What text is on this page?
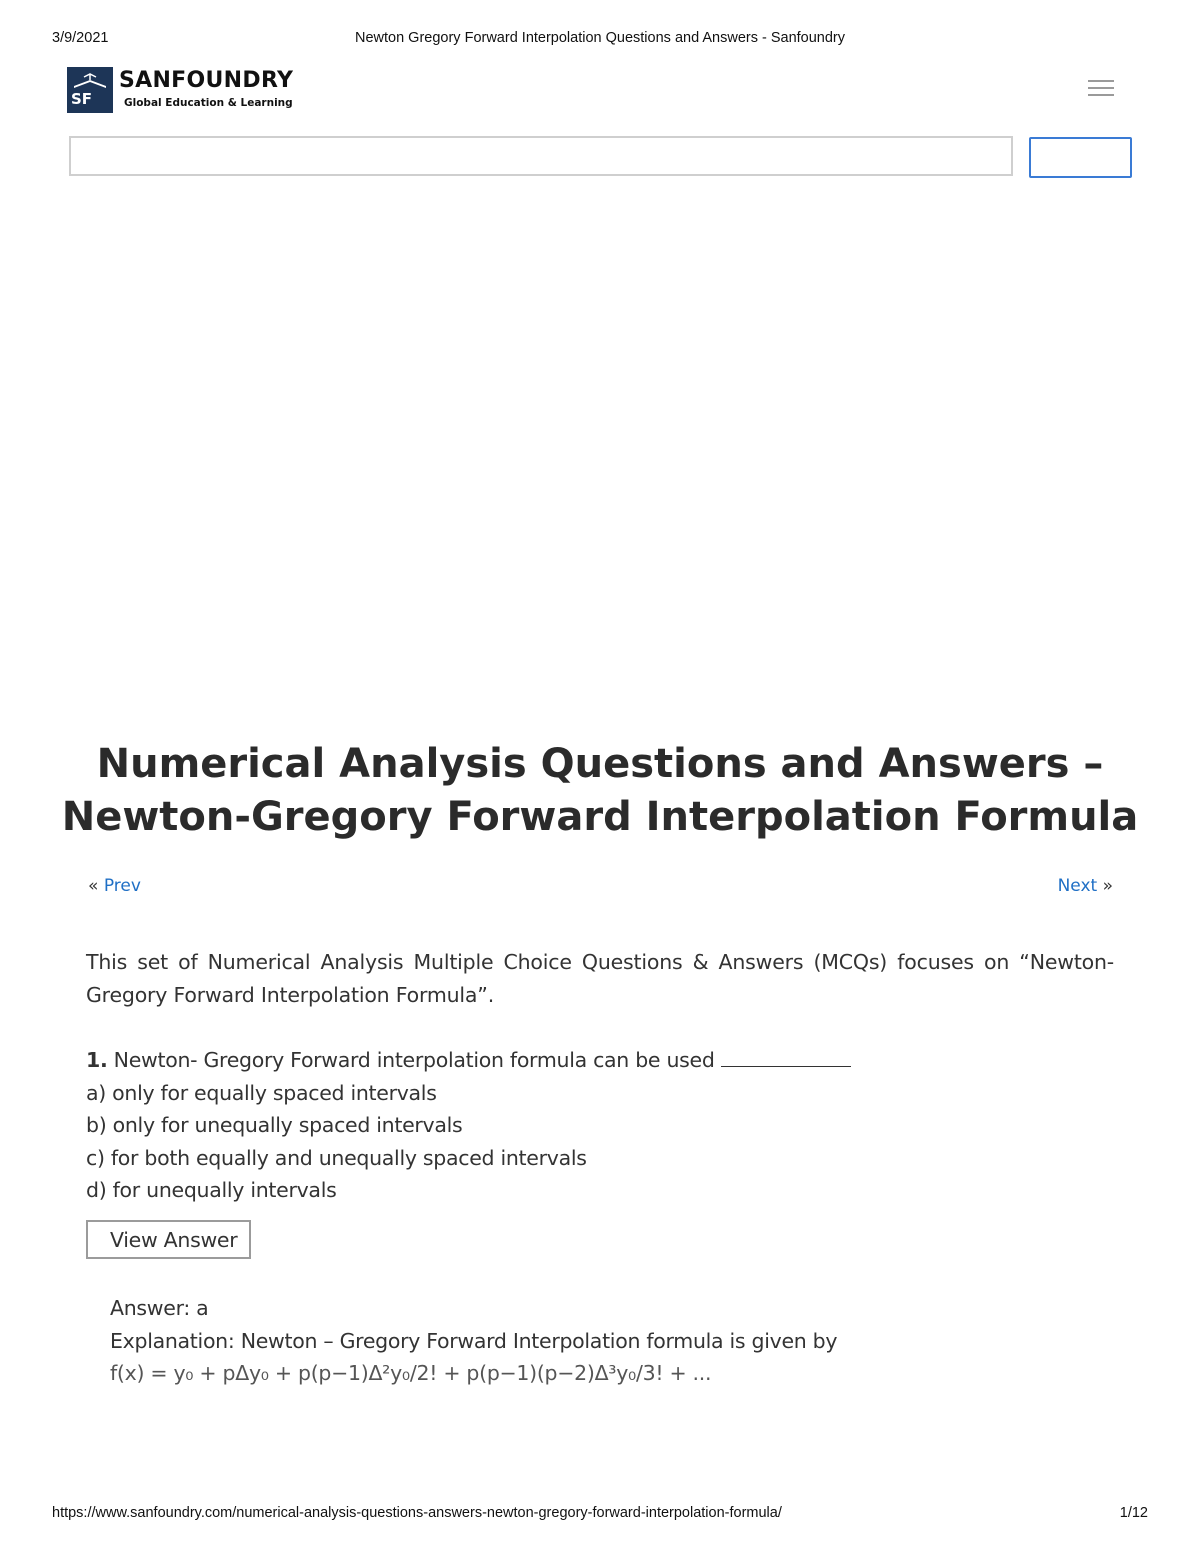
3/9/2021	Newton Gregory Forward Interpolation Questions and Answers - Sanfoundry
SF
SANFOUNDRY
Global Education & Learning
Numerical Analysis Questions and Answers – Newton-Gregory Forward Interpolation Formula
« Prev	Next »

This set of Numerical Analysis Multiple Choice Questions & Answers (MCQs) focuses on “Newton-Gregory Forward Interpolation Formula”.

1. Newton- Gregory Forward interpolation formula can be used
a) only for equally spaced intervals
b) only for unequally spaced intervals
c) for both equally and unequally spaced intervals
d) for unequally intervals
View Answer
Answer: a
Explanation: Newton – Gregory Forward Interpolation formula is given by
f(x) = y₀ + pΔy₀ + p(p−1)Δ²y₀/2! + p(p−1)(p−2)Δ³y₀/3! + ...
https://www.sanfoundry.com/numerical-analysis-questions-answers-newton-gregory-forward-interpolation-formula/	1/12
